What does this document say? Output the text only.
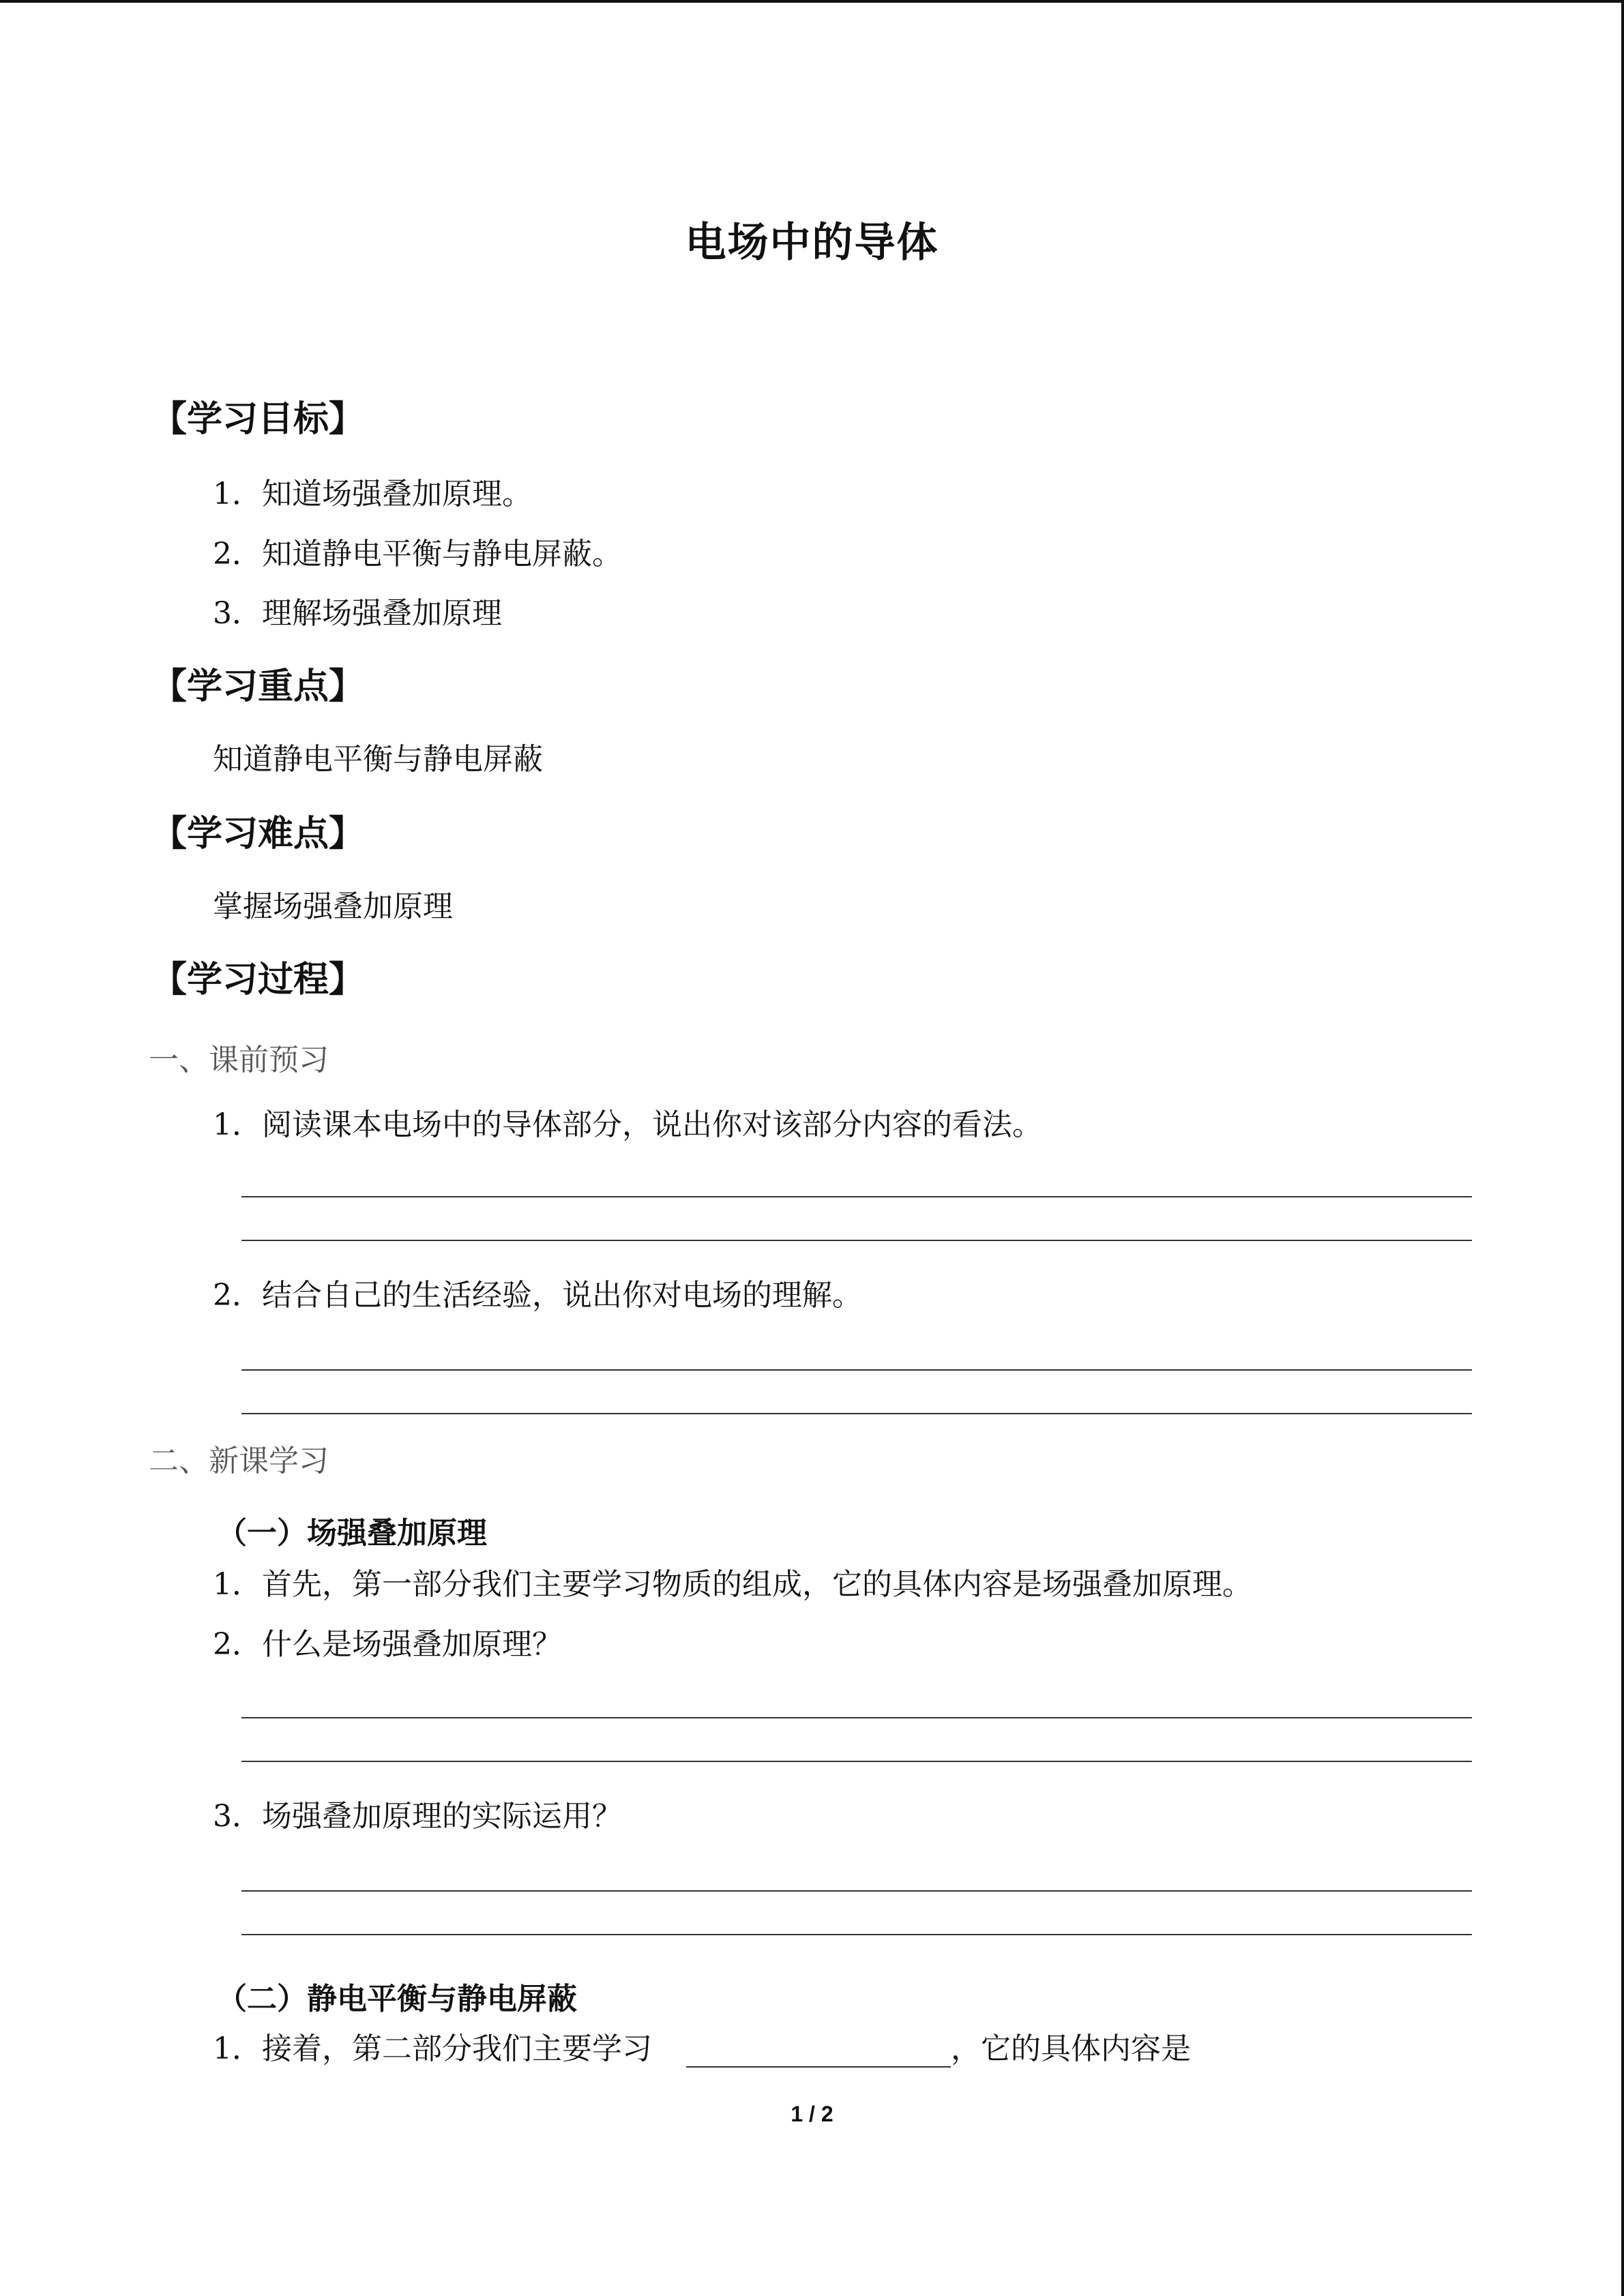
电场中的导体
【学习目标】
1．知道场强叠加原理。
2．知道静电平衡与静电屏蔽。
3．理解场强叠加原理
【学习重点】
知道静电平衡与静电屏蔽
【学习难点】
掌握场强叠加原理
【学习过程】
一、课前预习
1．阅读课本电场中的导体部分，说出你对该部分内容的看法。
2．结合自己的生活经验，说出你对电场的理解。
二、新课学习
（一）场强叠加原理
1．首先，第一部分我们主要学习物质的组成，它的具体内容是场强叠加原理。
2．什么是场强叠加原理？
3．场强叠加原理的实际运用？
（二）静电平衡与静电屏蔽
1．接着，第二部分我们主要学习	，它的具体内容是
1 / 2
